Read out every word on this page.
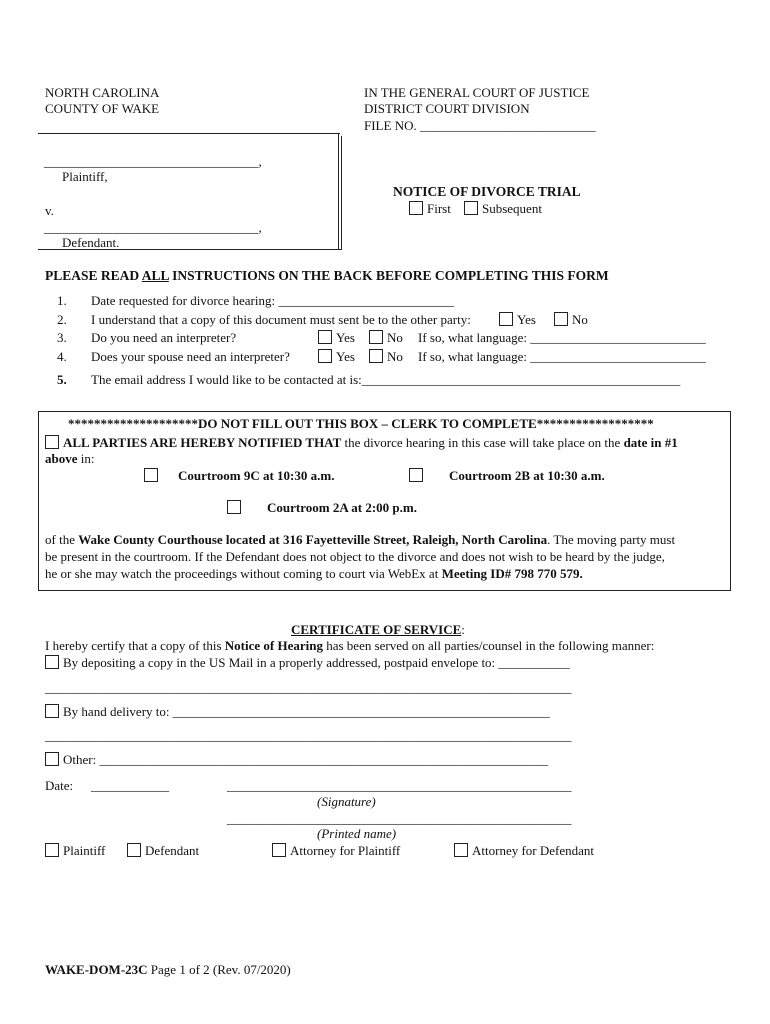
NORTH CAROLINA
COUNTY OF WAKE
IN THE GENERAL COURT OF JUSTICE
DISTRICT COURT DIVISION
FILE NO. ___________________________
_________________________________,
Plaintiff,
v.
_________________________________,
Defendant.
NOTICE OF DIVORCE TRIAL
First	Subsequent
PLEASE READ ALL INSTRUCTIONS ON THE BACK BEFORE COMPLETING THIS FORM
1. Date requested for divorce hearing: ___________________________
2. I understand that a copy of this document must sent be to the other party:	Yes	No
3. Do you need an interpreter?	Yes	No If so, what language: ___________________________
4. Does your spouse need an interpreter?	Yes	No If so, what language: ___________________________
5. The email address I would like to be contacted at is:_________________________________________________
********************DO NOT FILL OUT THIS BOX – CLERK TO COMPLETE******************
ALL PARTIES ARE HEREBY NOTIFIED THAT the divorce hearing in this case will take place on the date in #1
above in:
Courtroom 9C at 10:30 a.m.	Courtroom 2B at 10:30 a.m.
Courtroom 2A at 2:00 p.m.
of the Wake County Courthouse located at 316 Fayetteville Street, Raleigh, North Carolina. The moving party must
be present in the courtroom. If the Defendant does not object to the divorce and does not wish to be heard by the judge,
he or she may watch the proceedings without coming to court via WebEx at Meeting ID# 798 770 579.
CERTIFICATE OF SERVICE:
I hereby certify that a copy of this Notice of Hearing has been served on all parties/counsel in the following manner:
By depositing a copy in the US Mail in a properly addressed, postpaid envelope to: ___________
_________________________________________________________________________________
By hand delivery to: __________________________________________________________
_________________________________________________________________________________
Other: _____________________________________________________________________
Date: ____________	_____________________________________________________
(Signature)
_____________________________________________________
(Printed name)
Plaintiff	Defendant	Attorney for Plaintiff	Attorney for Defendant
WAKE-DOM-23C Page 1 of 2 (Rev. 07/2020)
